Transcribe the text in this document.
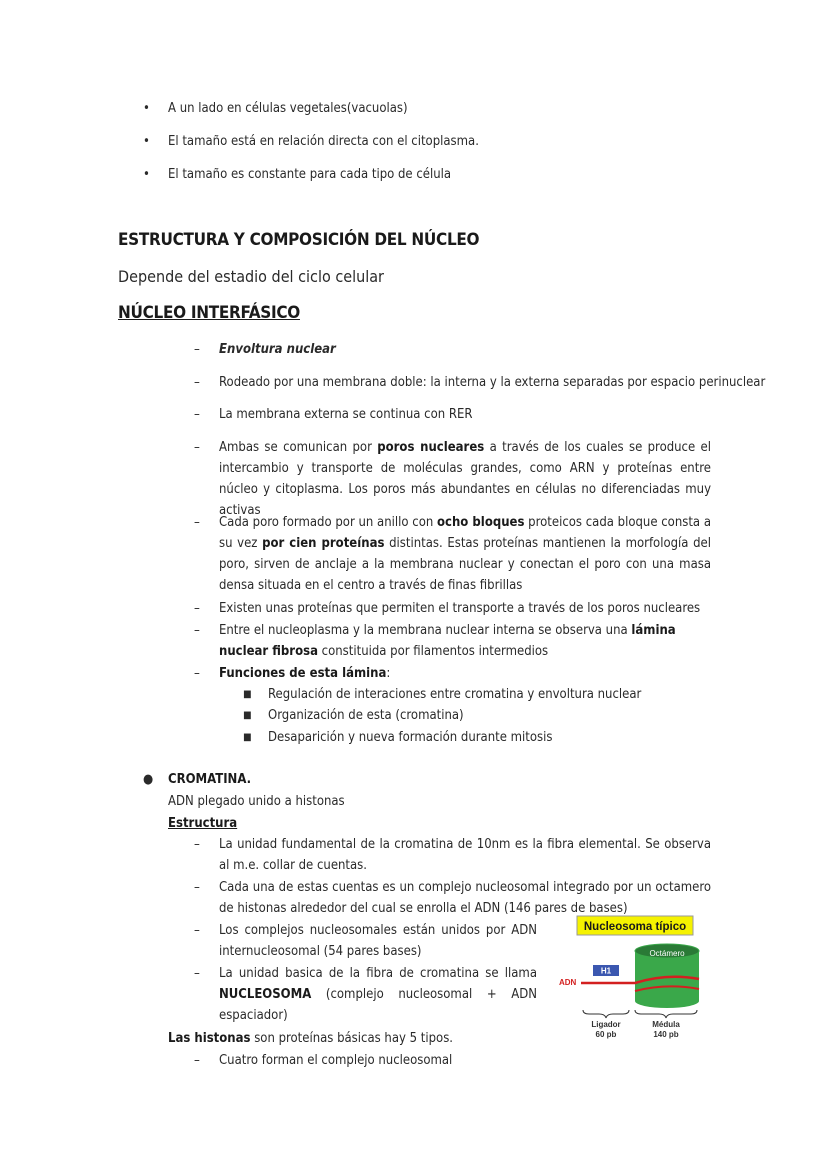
• A un lado en células vegetales(vacuolas)
• El tamaño está en relación directa con el citoplasma.
• El tamaño es constante para cada tipo de célula
ESTRUCTURA Y COMPOSICIÓN DEL NÚCLEO
Depende del estadio del ciclo celular
NÚCLEO INTERFÁSICO
– Envoltura nuclear
– Rodeado por una membrana doble: la interna y la externa separadas por espacio perinuclear
– La membrana externa se continua con RER
– Ambas se comunican por poros nucleares a través de los cuales se produce el intercambio y transporte de moléculas grandes, como ARN y proteínas entre núcleo y citoplasma. Los poros más abundantes en células no diferenciadas muy activas
– Cada poro formado por un anillo con ocho bloques proteicos cada bloque consta a su vez por cien proteínas distintas. Estas proteínas mantienen la morfología del poro, sirven de anclaje a la membrana nuclear y conectan el poro con una masa densa situada en el centro a través de finas fibrillas
– Existen unas proteínas que permiten el transporte a través de los poros nucleares
– Entre el nucleoplasma y la membrana nuclear interna se observa una lámina nuclear fibrosa constituida por filamentos intermedios
– Funciones de esta lámina:
■ Regulación de interaciones entre cromatina y envoltura nuclear
■ Organización de esta (cromatina)
■ Desaparición y nueva formación durante mitosis
● CROMATINA.
ADN plegado unido a histonas
Estructura
– La unidad fundamental de la cromatina de 10nm es la fibra elemental. Se observa al m.e. collar de cuentas.
– Cada una de estas cuentas es un complejo nucleosomal integrado por un octamero de histonas alrededor del cual se enrolla el ADN (146 pares de bases)
– Los complejos nucleosomales están unidos por ADN internucleosomal (54 pares bases)
– La unidad basica de la fibra de cromatina se llama NUCLEOSOMA (complejo nucleosomal + ADN espaciador)
Las histonas son proteínas básicas hay 5 tipos.
– Cuatro forman el complejo nucleosomal
Nucleosoma típico
Octámero
ADN
H1
Ligador
60 pb
Médula
140 pb
